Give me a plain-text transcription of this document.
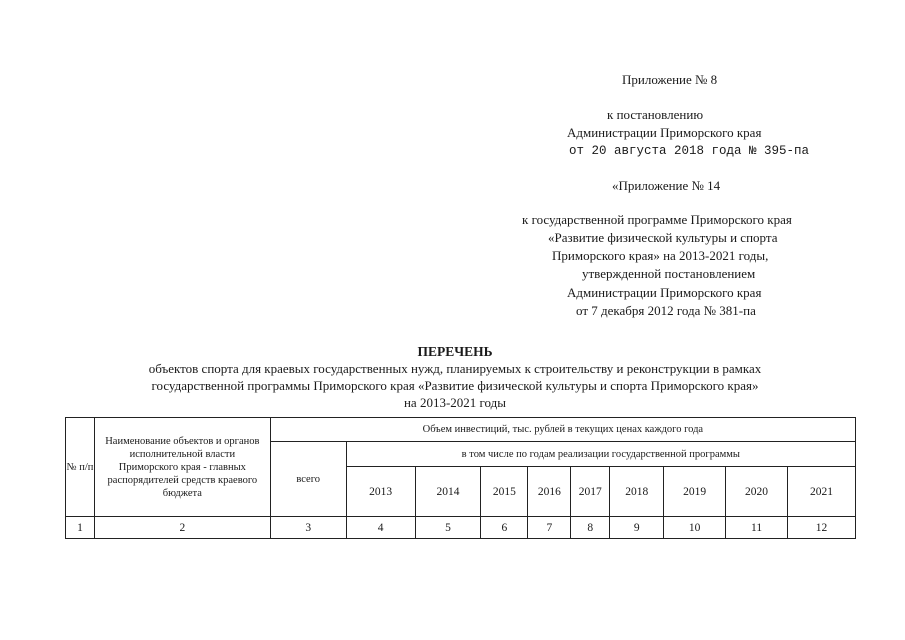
Приложение № 8
к постановлению
Администрации Приморского края
от 20 августа 2018 года № 395-па
«Приложение № 14
к государственной программе Приморского края
«Развитие физической культуры и спорта
Приморского края» на 2013-2021 годы,
утвержденной постановлением
Администрации Приморского края
от 7 декабря 2012 года № 381-па
ПЕРЕЧЕНЬ
объектов спорта для краевых государственных нужд, планируемых к строительству и реконструкции в рамках
государственной программы Приморского края «Развитие физической культуры и спорта Приморского края»
на 2013-2021 годы
№ п/п	Наименование объектов и органов исполнительной власти Приморского края - главных распорядителей средств краевого бюджета	Объем инвестиций, тыс. рублей в текущих ценах каждого года									
		всего	в том числе по годам реализации государственной программы								
			2013	2014	2015	2016	2017	2018	2019	2020	2021
1	2	3	4	5	6	7	8	9	10	11	12
